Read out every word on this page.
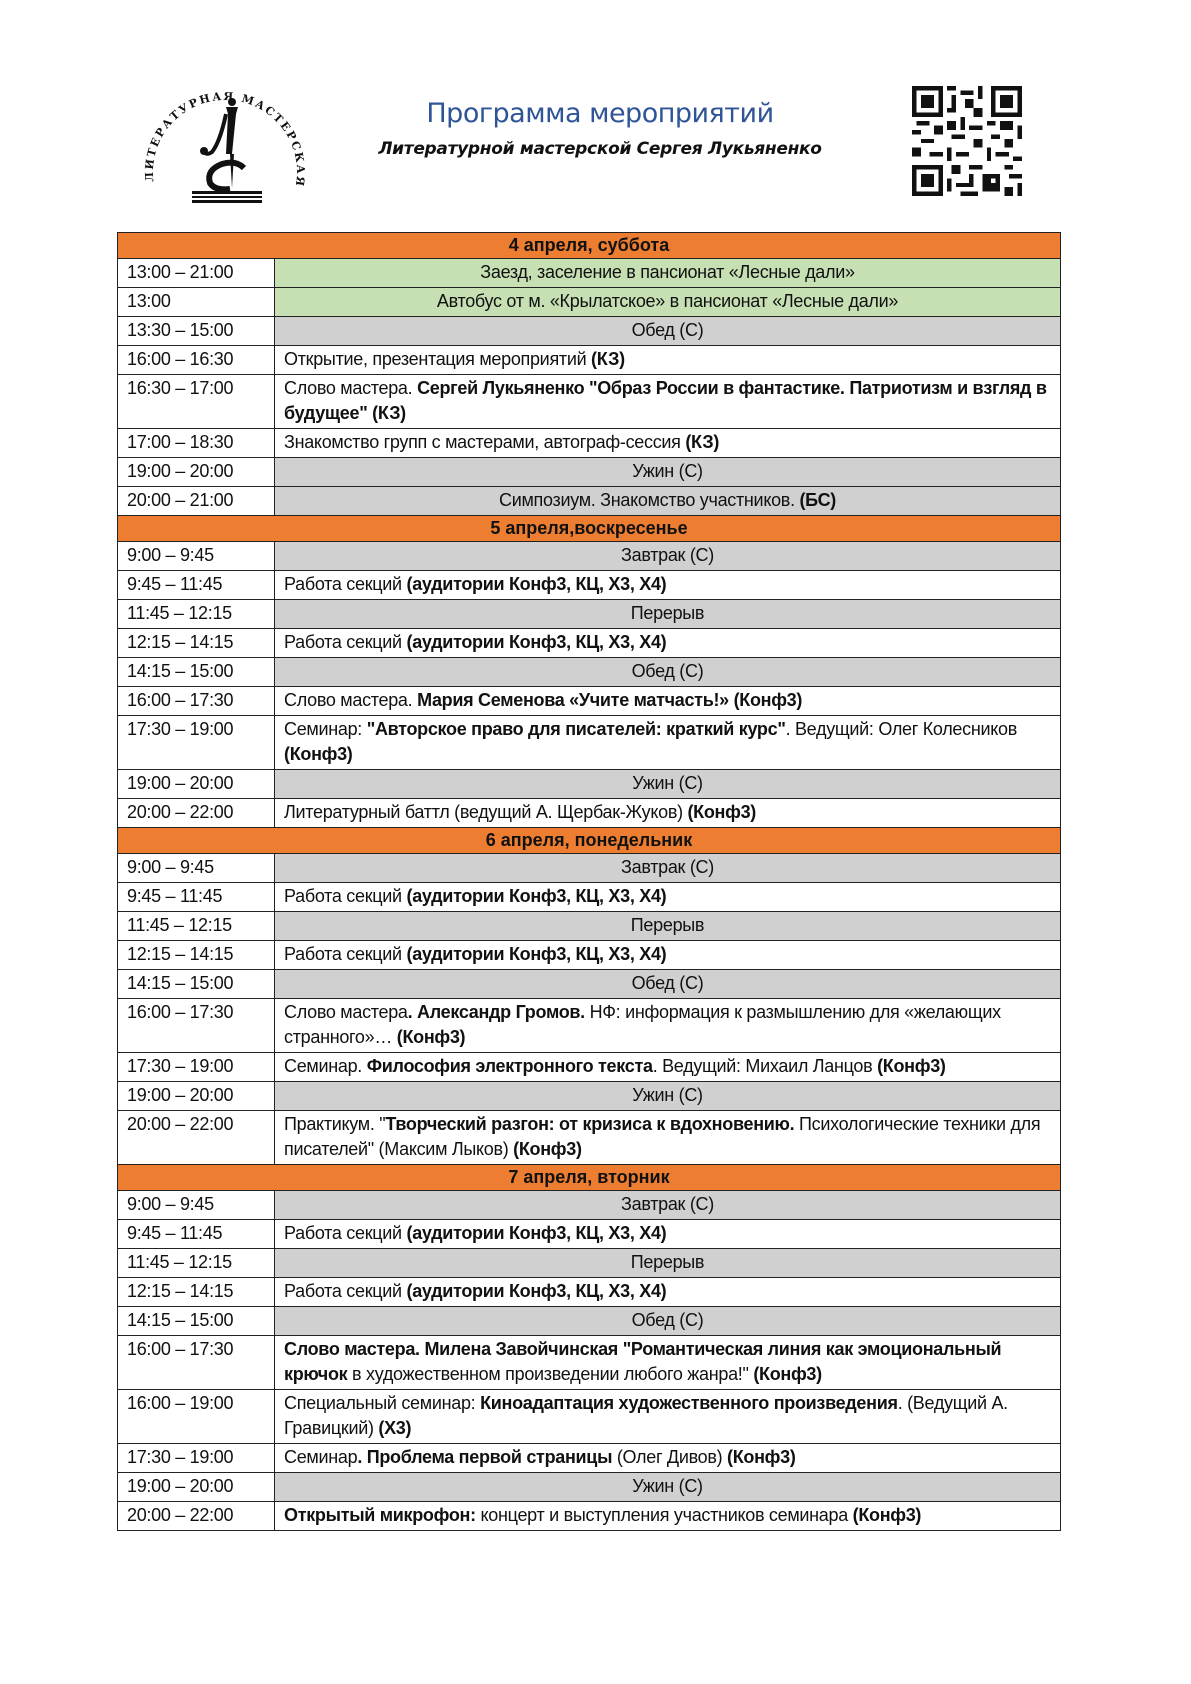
ЛИТЕРАТУРНАЯ МАСТЕРСКАЯ
Программа мероприятий
Литературной мастерской Сергея Лукьяненко
4 апреля, суббота	
13:00 – 21:00	Заезд, заселение в пансионат «Лесные дали»
13:00	Автобус от м. «Крылатское» в пансионат «Лесные дали»
13:30 – 15:00	Обед (С)
16:00 – 16:30	Открытие, презентация мероприятий (КЗ)
16:30 – 17:00	Слово мастера. Сергей Лукьяненко "Образ России в фантастике. Патриотизм и взгляд в будущее" (КЗ)
17:00 – 18:30	Знакомство групп с мастерами, автограф-сессия (КЗ)
19:00 – 20:00	Ужин (С)
20:00 – 21:00	Симпозиум. Знакомство участников. (БС)
5 апреля,воскресенье	
9:00 – 9:45	Завтрак (С)
9:45 – 11:45	Работа секций (аудитории Конф3, КЦ, Х3, Х4)
11:45 – 12:15	Перерыв
12:15 – 14:15	Работа секций (аудитории Конф3, КЦ, Х3, Х4)
14:15 – 15:00	Обед (С)
16:00 – 17:30	Слово мастера. Мария Семенова «Учите матчасть!» (Конф3)
17:30 – 19:00	Семинар: "Авторское право для писателей: краткий курс". Ведущий: Олег Колесников (Конф3)
19:00 – 20:00	Ужин (С)
20:00 – 22:00	Литературный баттл (ведущий А. Щербак-Жуков) (Конф3)
6 апреля, понедельник	
9:00 – 9:45	Завтрак (С)
9:45 – 11:45	Работа секций (аудитории Конф3, КЦ, Х3, Х4)
11:45 – 12:15	Перерыв
12:15 – 14:15	Работа секций (аудитории Конф3, КЦ, Х3, Х4)
14:15 – 15:00	Обед (С)
16:00 – 17:30	Слово мастера. Александр Громов. НФ: информация к размышлению для «желающих странного»… (Конф3)
17:30 – 19:00	Семинар. Философия электронного текста. Ведущий: Михаил Ланцов (Конф3)
19:00 – 20:00	Ужин (С)
20:00 – 22:00	Практикум. "Творческий разгон: от кризиса к вдохновению. Психологические техники для писателей" (Максим Лыков) (Конф3)
7 апреля, вторник	
9:00 – 9:45	Завтрак (С)
9:45 – 11:45	Работа секций (аудитории Конф3, КЦ, Х3, Х4)
11:45 – 12:15	Перерыв
12:15 – 14:15	Работа секций (аудитории Конф3, КЦ, Х3, Х4)
14:15 – 15:00	Обед (С)
16:00 – 17:30	Слово мастера. Милена Завойчинская "Романтическая линия как эмоциональный крючок в художественном произведении любого жанра!" (Конф3)
16:00 – 19:00	Специальный семинар: Киноадаптация художественного произведения. (Ведущий А. Гравицкий) (Х3)
17:30 – 19:00	Семинар. Проблема первой страницы (Олег Дивов) (Конф3)
19:00 – 20:00	Ужин (С)
20:00 – 22:00	Открытый микрофон: концерт и выступления участников семинара (Конф3)
